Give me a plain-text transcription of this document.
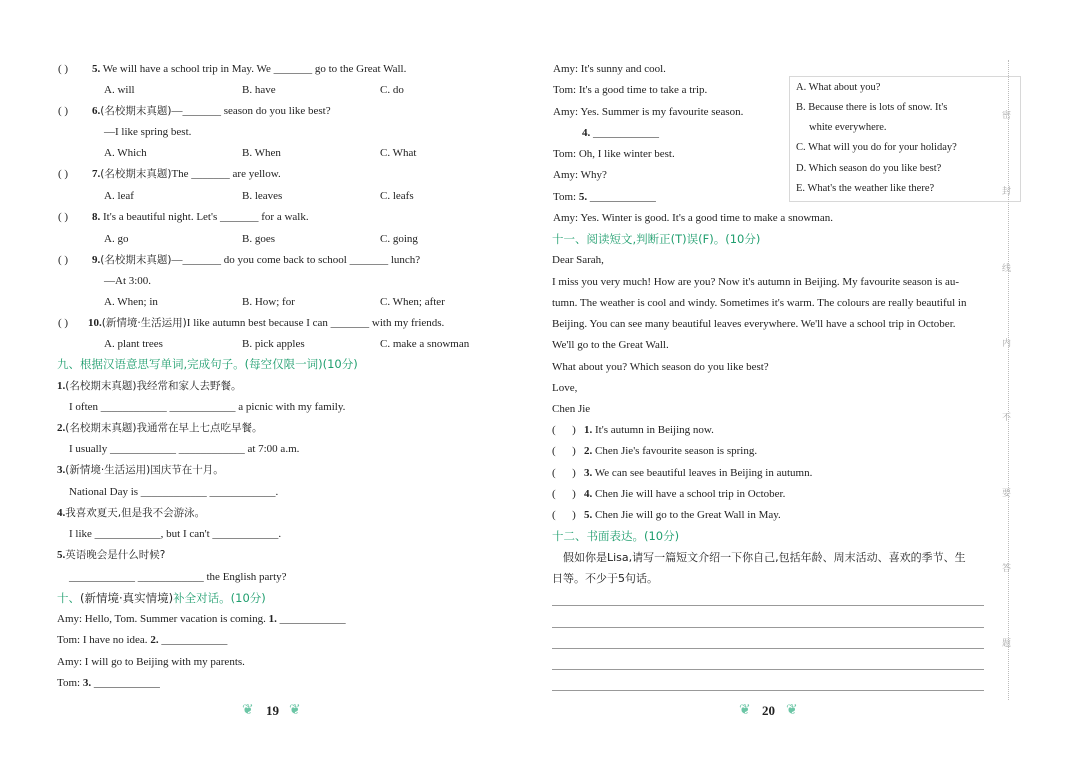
( ) 5. We will have a school trip in May. We _______ go to the Great Wall.
A. will	B. have	C. do
( ) 6.(名校期末真题)—_______ season do you like best?
—I like spring best.
A. Which	B. When	C. What
( ) 7.(名校期末真题)The _______ are yellow.
A. leaf	B. leaves	C. leafs
( ) 8. It's a beautiful night. Let's _______ for a walk.
A. go	B. goes	C. going
( ) 9.(名校期末真题)—_______ do you come back to school _______ lunch?
—At 3:00.
A. When; in	B. How; for	C. When; after
( ) 10.(新情境·生活运用)I like autumn best because I can _______ with my friends.
A. plant trees	B. pick apples	C. make a snowman
九、根据汉语意思写单词,完成句子。(每空仅限一词)(10分)
1.(名校期末真题)我经常和家人去野餐。
I often ____________ ____________ a picnic with my family.
2.(名校期末真题)我通常在早上七点吃早餐。
I usually ____________ ____________ at 7:00 a.m.
3.(新情境·生活运用)国庆节在十月。
National Day is ____________ ____________.
4.我喜欢夏天,但是我不会游泳。
I like ____________, but I can't ____________.
5.英语晚会是什么时候?
____________ ____________ the English party?
十、(新情境·真实情境)补全对话。(10分)
Amy: Hello, Tom. Summer vacation is coming. 1. ____________
Tom: I have no idea. 2. ____________
Amy: I will go to Beijing with my parents.
Tom: 3. ____________
❦ 19 ❦
Amy: It's sunny and cool.
Tom: It's a good time to take a trip.
Amy: Yes. Summer is my favourite season.
4. ____________
Tom: Oh, I like winter best.
Amy: Why?
Tom: 5. ____________
Amy: Yes. Winter is good. It's a good time to make a snowman.
A. What about you?
B. Because there is lots of snow. It's
white everywhere.
C. What will you do for your holiday?
D. Which season do you like best?
E. What's the weather like there?
十一、阅读短文,判断正(T)误(F)。(10分)
Dear Sarah,
I miss you very much! How are you? Now it's autumn in Beijing. My favourite season is au-
tumn. The weather is cool and windy. Sometimes it's warm. The colours are really beautiful in
Beijing. You can see many beautiful leaves everywhere. We'll have a school trip in October.
We'll go to the Great Wall.
What about you? Which season do you like best?
Love,
Chen Jie
(      ) 1. It's autumn in Beijing now.
(      ) 2. Chen Jie's favourite season is spring.
(      ) 3. We can see beautiful leaves in Beijing in autumn.
(      ) 4. Chen Jie will have a school trip in October.
(      ) 5. Chen Jie will go to the Great Wall in May.
十二、书面表达。(10分)
假如你是Lisa,请写一篇短文介绍一下你自己,包括年龄、周末活动、喜欢的季节、生
日等。不少于5句话。
❦ 20 ❦
密
封
线
内
不
要
答
题
